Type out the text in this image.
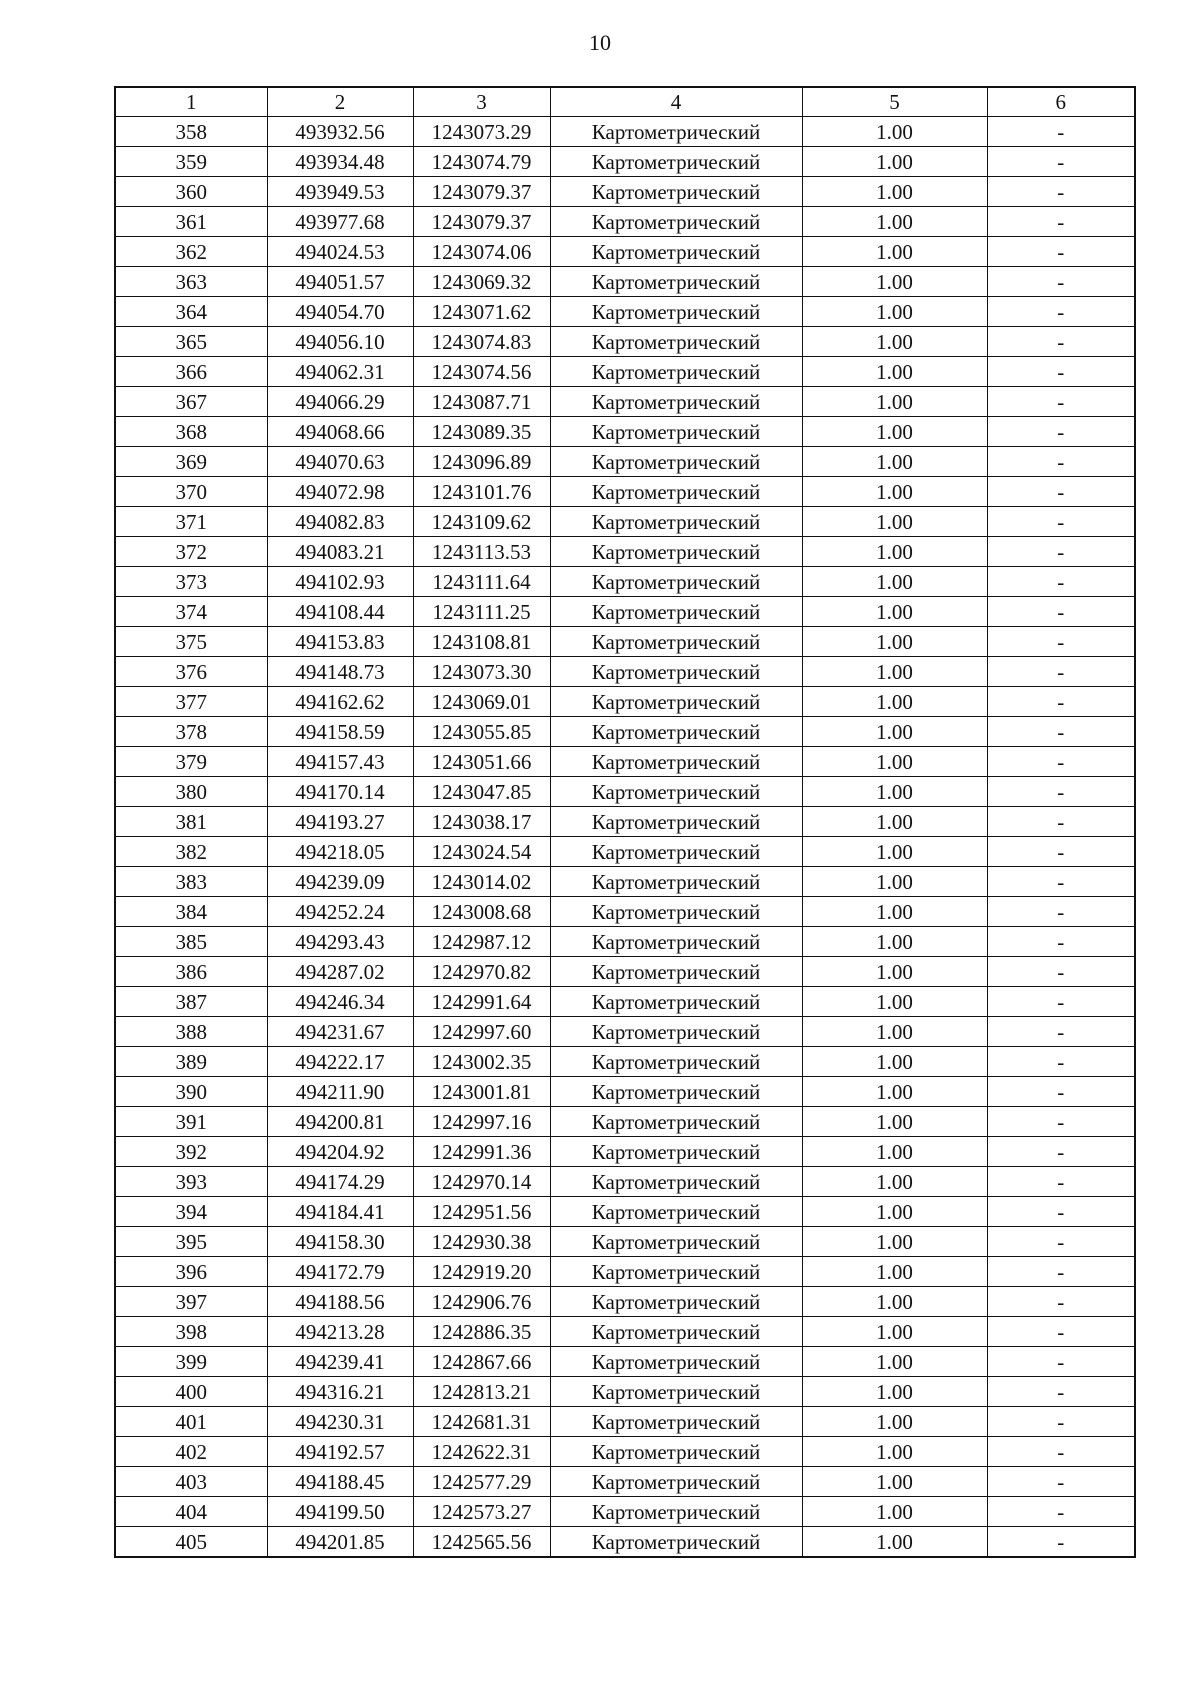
10
1	2	3	4	5	6
358	493932.56	1243073.29	Картометрический	1.00	-
359	493934.48	1243074.79	Картометрический	1.00	-
360	493949.53	1243079.37	Картометрический	1.00	-
361	493977.68	1243079.37	Картометрический	1.00	-
362	494024.53	1243074.06	Картометрический	1.00	-
363	494051.57	1243069.32	Картометрический	1.00	-
364	494054.70	1243071.62	Картометрический	1.00	-
365	494056.10	1243074.83	Картометрический	1.00	-
366	494062.31	1243074.56	Картометрический	1.00	-
367	494066.29	1243087.71	Картометрический	1.00	-
368	494068.66	1243089.35	Картометрический	1.00	-
369	494070.63	1243096.89	Картометрический	1.00	-
370	494072.98	1243101.76	Картометрический	1.00	-
371	494082.83	1243109.62	Картометрический	1.00	-
372	494083.21	1243113.53	Картометрический	1.00	-
373	494102.93	1243111.64	Картометрический	1.00	-
374	494108.44	1243111.25	Картометрический	1.00	-
375	494153.83	1243108.81	Картометрический	1.00	-
376	494148.73	1243073.30	Картометрический	1.00	-
377	494162.62	1243069.01	Картометрический	1.00	-
378	494158.59	1243055.85	Картометрический	1.00	-
379	494157.43	1243051.66	Картометрический	1.00	-
380	494170.14	1243047.85	Картометрический	1.00	-
381	494193.27	1243038.17	Картометрический	1.00	-
382	494218.05	1243024.54	Картометрический	1.00	-
383	494239.09	1243014.02	Картометрический	1.00	-
384	494252.24	1243008.68	Картометрический	1.00	-
385	494293.43	1242987.12	Картометрический	1.00	-
386	494287.02	1242970.82	Картометрический	1.00	-
387	494246.34	1242991.64	Картометрический	1.00	-
388	494231.67	1242997.60	Картометрический	1.00	-
389	494222.17	1243002.35	Картометрический	1.00	-
390	494211.90	1243001.81	Картометрический	1.00	-
391	494200.81	1242997.16	Картометрический	1.00	-
392	494204.92	1242991.36	Картометрический	1.00	-
393	494174.29	1242970.14	Картометрический	1.00	-
394	494184.41	1242951.56	Картометрический	1.00	-
395	494158.30	1242930.38	Картометрический	1.00	-
396	494172.79	1242919.20	Картометрический	1.00	-
397	494188.56	1242906.76	Картометрический	1.00	-
398	494213.28	1242886.35	Картометрический	1.00	-
399	494239.41	1242867.66	Картометрический	1.00	-
400	494316.21	1242813.21	Картометрический	1.00	-
401	494230.31	1242681.31	Картометрический	1.00	-
402	494192.57	1242622.31	Картометрический	1.00	-
403	494188.45	1242577.29	Картометрический	1.00	-
404	494199.50	1242573.27	Картометрический	1.00	-
405	494201.85	1242565.56	Картометрический	1.00	-
